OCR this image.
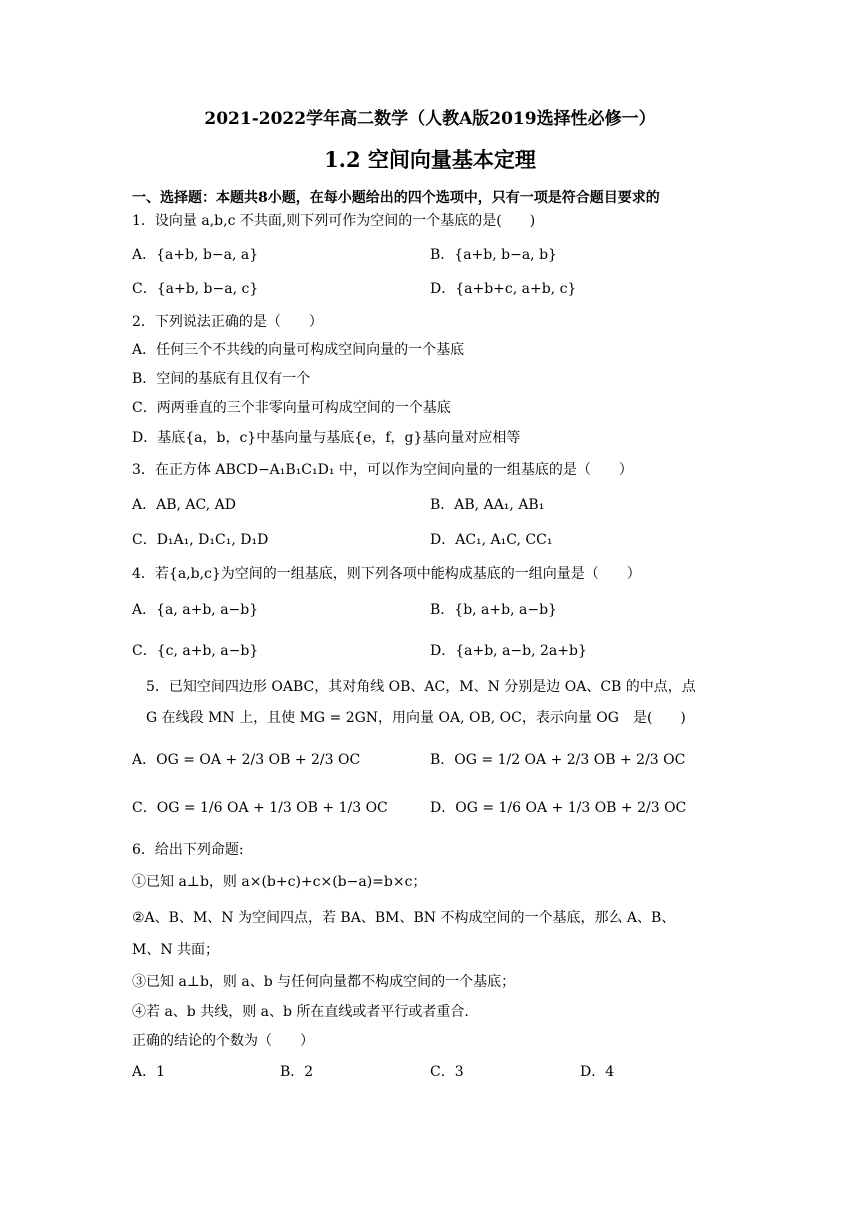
2021-2022学年高二数学（人教A版2019选择性必修一）
1.2 空间向量基本定理
一、选择题：本题共8小题，在每小题给出的四个选项中，只有一项是符合题目要求的
1．设向量 a,b,c 不共面,则下列可作为空间的一个基底的是(　　)
A．{a+b, b−a, a}	B．{a+b, b−a, b}
C．{a+b, b−a, c}	D．{a+b+c, a+b, c}
2．下列说法正确的是（　　）
A．任何三个不共线的向量可构成空间向量的一个基底
B．空间的基底有且仅有一个
C．两两垂直的三个非零向量可构成空间的一个基底
D．基底{a，b，c}中基向量与基底{e，f，g}基向量对应相等
3．在正方体 ABCD−A₁B₁C₁D₁ 中，可以作为空间向量的一组基底的是（　　）
A．AB, AC, AD	B．AB, AA₁, AB₁
C．D₁A₁, D₁C₁, D₁D	D．AC₁, A₁C, CC₁
4．若{a,b,c}为空间的一组基底，则下列各项中能构成基底的一组向量是（　　）
A．{a, a+b, a−b}	B．{b, a+b, a−b}
C．{c, a+b, a−b}	D．{a+b, a−b, 2a+b}
5．已知空间四边形 OABC，其对角线 OB、AC，M、N 分别是边 OA、CB 的中点，点
G 在线段 MN 上，且使 MG = 2GN，用向量 OA, OB, OC，表示向量 OG　是(　　)
A．OG = OA + 2/3 OB + 2/3 OC	B．OG = 1/2 OA + 2/3 OB + 2/3 OC
C．OG = 1/6 OA + 1/3 OB + 1/3 OC	D．OG = 1/6 OA + 1/3 OB + 2/3 OC
6．给出下列命题:
①已知 a⊥b，则 a×(b+c)+c×(b−a)=b×c；
②A、B、M、N 为空间四点，若 BA、BM、BN 不构成空间的一个基底，那么 A、B、
M、N 共面；
③已知 a⊥b，则 a、b 与任何向量都不构成空间的一个基底；
④若 a、b 共线，则 a、b 所在直线或者平行或者重合.
正确的结论的个数为（　　）
A．1	B．2	C．3	D．4
